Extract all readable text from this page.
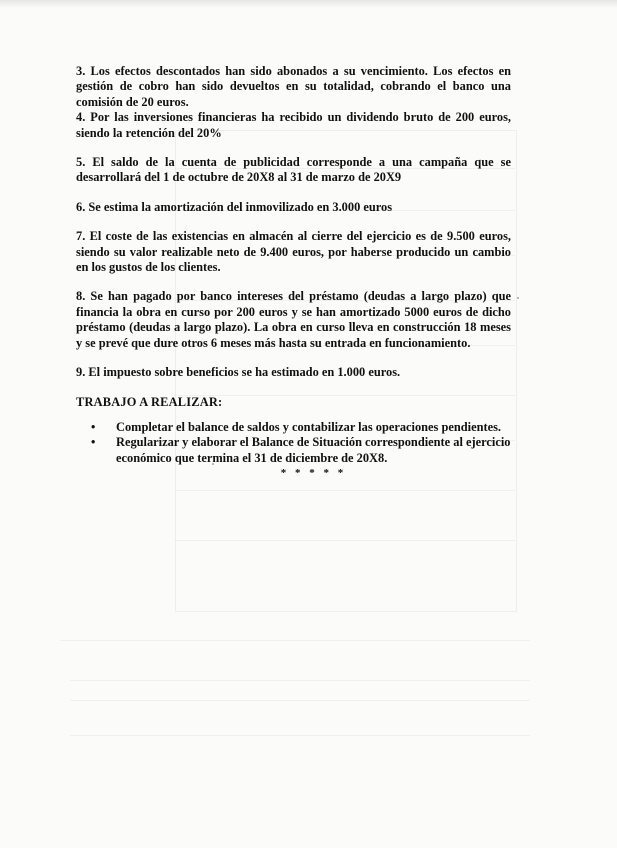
3. Los efectos descontados han sido abonados a su vencimiento. Los efectos en gestión de cobro han sido devueltos en su totalidad, cobrando el banco una comisión de 20 euros.

4. Por las inversiones financieras ha recibido un dividendo bruto de 200 euros, siendo la retención del 20%

5. El saldo de la cuenta de publicidad corresponde a una campaña que se desarrollará del 1 de octubre de 20X8 al 31 de marzo de 20X9

6. Se estima la amortización del inmovilizado en 3.000 euros

7. El coste de las existencias en almacén al cierre del ejercicio es de 9.500 euros, siendo su valor realizable neto de 9.400 euros, por haberse producido un cambio en los gustos de los clientes.

8. Se han pagado por banco intereses del préstamo (deudas a largo plazo) que financia la obra en curso por 200 euros y se han amortizado 5000 euros de dicho préstamo (deudas a largo plazo). La obra en curso lleva en construcción 18 meses y se prevé que dure otros 6 meses más hasta su entrada en funcionamiento.

9. El impuesto sobre beneficios se ha estimado en 1.000 euros.

TRABAJO A REALIZAR:
• Completar el balance de saldos y contabilizar las operaciones pendientes.
• Regularizar y elaborar el Balance de Situación correspondiente al ejercicio económico que termina el 31 de diciembre de 20X8.
* * * * *
